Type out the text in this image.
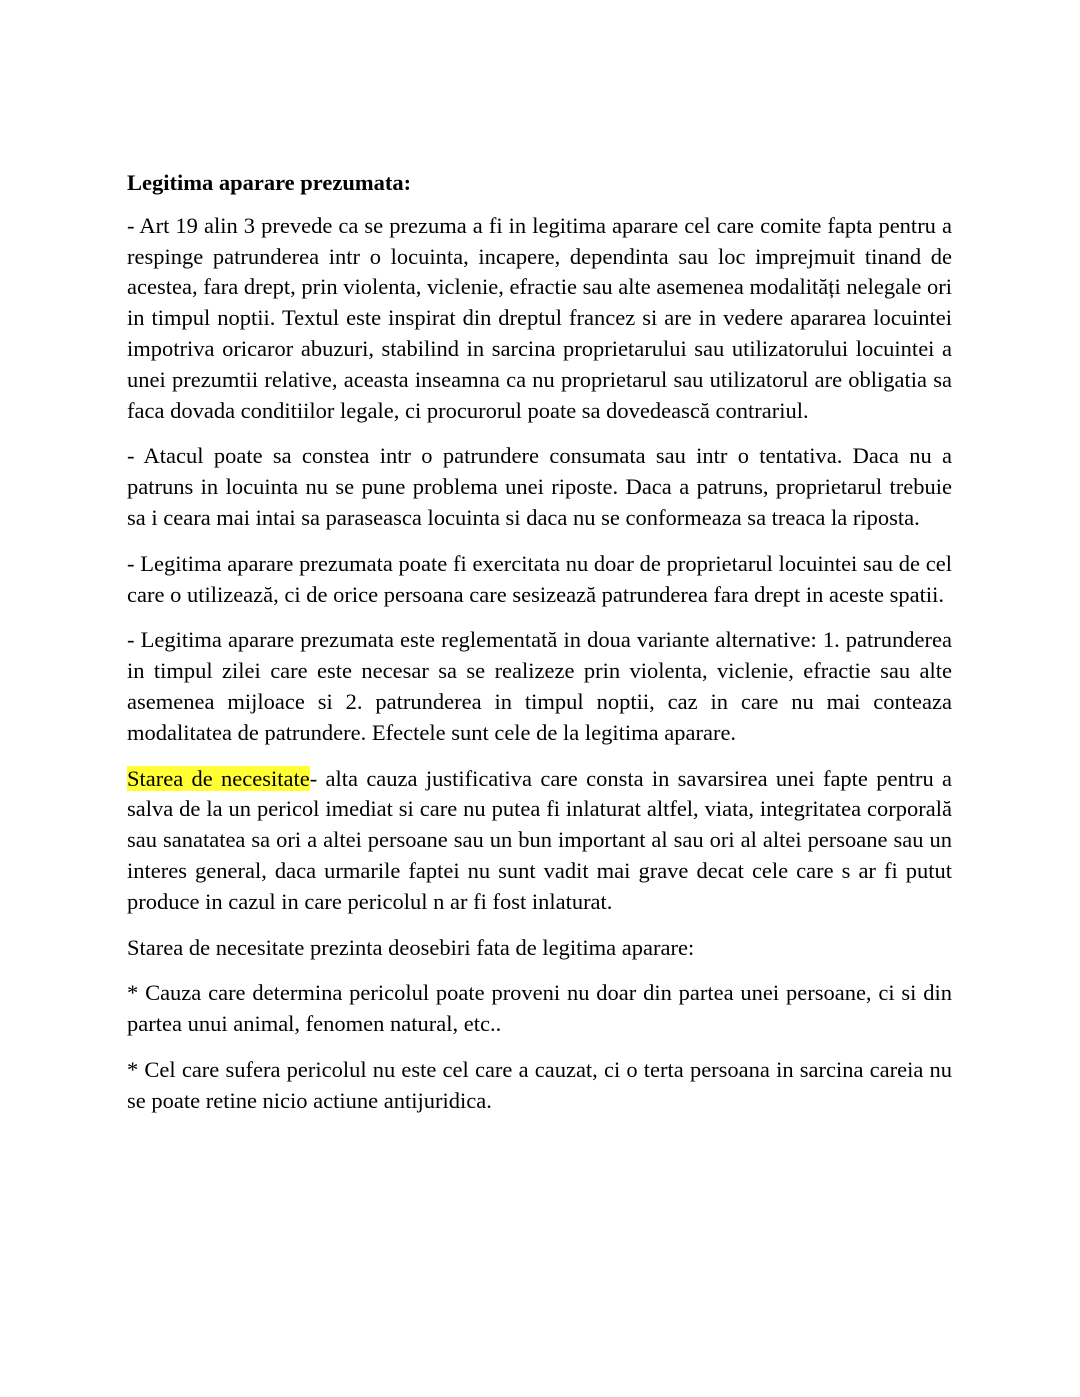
Legitima aparare prezumata:

- Art 19 alin 3 prevede ca se prezuma a fi in legitima aparare cel care comite fapta pentru a respinge patrunderea intr o locuinta, incapere, dependinta sau loc imprejmuit tinand de acestea, fara drept, prin violenta, viclenie, efractie sau alte asemenea modalități nelegale ori in timpul noptii. Textul este inspirat din dreptul francez si are in vedere apararea locuintei impotriva oricaror abuzuri, stabilind in sarcina proprietarului sau utilizatorului locuintei a unei prezumtii relative, aceasta inseamna ca nu proprietarul sau utilizatorul are obligatia sa faca dovada conditiilor legale, ci procurorul poate sa dovedească contrariul.

- Atacul poate sa constea intr o patrundere consumata sau intr o tentativa. Daca nu a patruns in locuinta nu se pune problema unei riposte. Daca a patruns, proprietarul trebuie sa i ceara mai intai sa paraseasca locuinta si daca nu se conformeaza sa treaca la riposta.

- Legitima aparare prezumata poate fi exercitata nu doar de proprietarul locuintei sau de cel care o utilizează, ci de orice persoana care sesizează patrunderea fara drept in aceste spatii.

- Legitima aparare prezumata este reglementată in doua variante alternative: 1. patrunderea in timpul zilei care este necesar sa se realizeze prin violenta, viclenie, efractie sau alte asemenea mijloace si 2. patrunderea in timpul noptii, caz in care nu mai conteaza modalitatea de patrundere. Efectele sunt cele de la legitima aparare.

Starea de necesitate- alta cauza justificativa care consta in savarsirea unei fapte pentru a salva de la un pericol imediat si care nu putea fi inlaturat altfel, viata, integritatea corporală sau sanatatea sa ori a altei persoane sau un bun important al sau ori al altei persoane sau un interes general, daca urmarile faptei nu sunt vadit mai grave decat cele care s ar fi putut produce in cazul in care pericolul n ar fi fost inlaturat.

Starea de necesitate prezinta deosebiri fata de legitima aparare:

* Cauza care determina pericolul poate proveni nu doar din partea unei persoane, ci si din partea unui animal, fenomen natural, etc..

* Cel care sufera pericolul nu este cel care a cauzat, ci o terta persoana in sarcina careia nu se poate retine nicio actiune antijuridica.
